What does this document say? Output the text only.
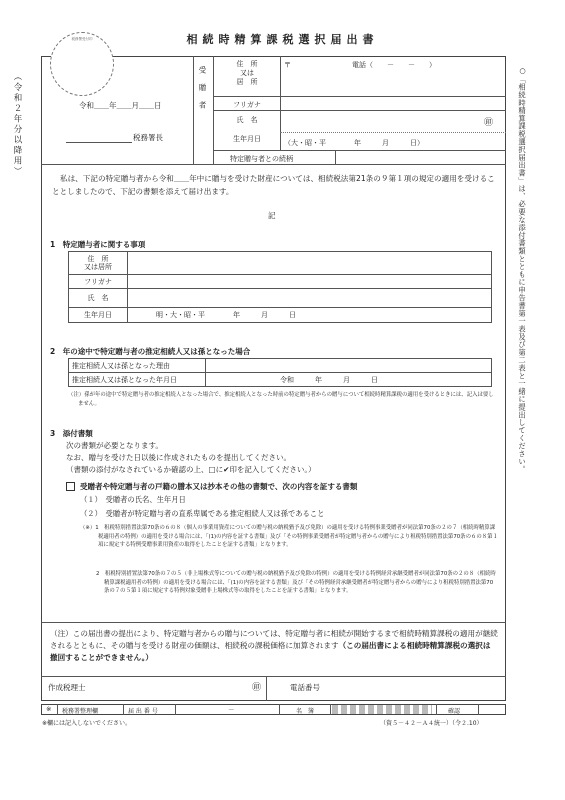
相続時精算課税選択届出書
（令和２年分以降用）	○「相続時精算課税選択届出書」は、必要な添付書類とともに申告書第一表及び第二表と一緒に提出してください。
税務署受付印
令和＿＿年＿＿月＿＿日
税務署長
受贈者
住　所
又は
居　所
〒	電話（　　－　　－　　）
フリガナ
氏　名	㊞
生年月日	（大・昭・平　　　　年　　　月　　　日）
特定贈与者との続柄
私は、下記の特定贈与者から令和＿＿年中に贈与を受けた財産については、相続税法第21条の９第１項の規定の適用を受けることとしましたので、下記の書類を添えて届け出ます。
記
1　特定贈与者に関する事項
住　所
又は居所	
フリガナ	
氏　名	
生年月日	明・大・昭・平　　　　年　　　月　　　日
2　年の途中で特定贈与者の推定相続人又は孫となった場合
推定相続人又は孫となった理由	
推定相続人又は孫となった年月日	令和　　　年　　　月　　　日
（注）孫が年の途中で特定贈与者の推定相続人となった場合で、推定相続人となった時前の特定贈与者からの贈与について相続時精算課税の適用を受けるときには、記入は要しません。
3　添付書類
次の書類が必要となります。
なお、贈与を受けた日以後に作成されたものを提出してください。
（書類の添付がなされているか確認の上、□に✔印を記入してください。）
受贈者や特定贈与者の戸籍の謄本又は抄本その他の書類で、次の内容を証する書類
（１）　受贈者の氏名、生年月日
（２）　受贈者が特定贈与者の直系卑属である推定相続人又は孫であること
（※）1　租税特別措置法第70条の６の８（個人の事業用資産についての贈与税の納税猶予及び免除）の適用を受ける特例事業受贈者が同法第70条の２の７（相続時精算課税適用者の特例）の適用を受ける場合には、「(1)の内容を証する書類」及び「その特例事業受贈者が特定贈与者からの贈与により租税特別措置法第70条の６の８第１項に規定する特例受贈事業用資産の取得をしたことを証する書類」となります。
2　租税特別措置法第70条の７の５（非上場株式等についての贈与税の納税猶予及び免除の特例）の適用を受ける特例経営承継受贈者が同法第70条の２の８（相続時精算課税適用者の特例）の適用を受ける場合には、「(1)の内容を証する書類」及び「その特例経営承継受贈者が特定贈与者からの贈与により租税特別措置法第70条の７の５第１項に規定する特例対象受贈非上場株式等の取得をしたことを証する書類」となります。
（注）この届出書の提出により、特定贈与者からの贈与については、特定贈与者に相続が開始するまで相続時精算課税の適用が継続されるとともに、その贈与を受ける財産の価額は、相続税の課税価格に加算されます（この届出書による相続時精算課税の選択は撤回することができません。）
作成税理士	㊞	電話番号
※ 税務署整理欄	届 出 番 号	－	名　簿	確認
※欄には記入しないでください。	（資５－４２－Ａ４統一）（令２.10）
